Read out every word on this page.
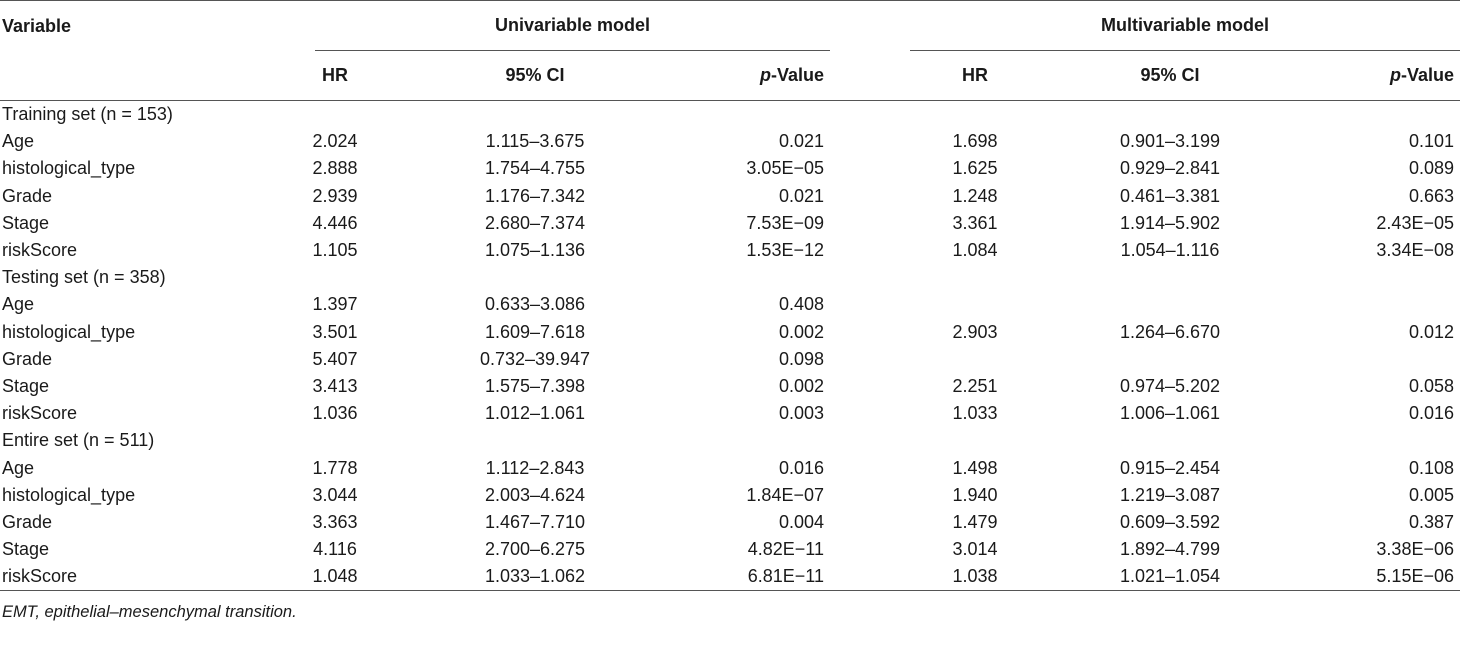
Variable	Univariable model				Multivariable model		

	HR	95% CI	p-Value		HR	95% CI	p-Value
Training set (n = 153)							
Age	2.024	1.115–3.675	0.021		1.698	0.901–3.199	0.101
histological_type	2.888	1.754–4.755	3.05E−05		1.625	0.929–2.841	0.089
Grade	2.939	1.176–7.342	0.021		1.248	0.461–3.381	0.663
Stage	4.446	2.680–7.374	7.53E−09		3.361	1.914–5.902	2.43E−05
riskScore	1.105	1.075–1.136	1.53E−12		1.084	1.054–1.116	3.34E−08
Testing set (n = 358)							
Age	1.397	0.633–3.086	0.408				
histological_type	3.501	1.609–7.618	0.002		2.903	1.264–6.670	0.012
Grade	5.407	0.732–39.947	0.098				
Stage	3.413	1.575–7.398	0.002		2.251	0.974–5.202	0.058
riskScore	1.036	1.012–1.061	0.003		1.033	1.006–1.061	0.016
Entire set (n = 511)							
Age	1.778	1.112–2.843	0.016		1.498	0.915–2.454	0.108
histological_type	3.044	2.003–4.624	1.84E−07		1.940	1.219–3.087	0.005
Grade	3.363	1.467–7.710	0.004		1.479	0.609–3.592	0.387
Stage	4.116	2.700–6.275	4.82E−11		3.014	1.892–4.799	3.38E−06
riskScore	1.048	1.033–1.062	6.81E−11		1.038	1.021–1.054	5.15E−06
EMT, epithelial–mesenchymal transition.
